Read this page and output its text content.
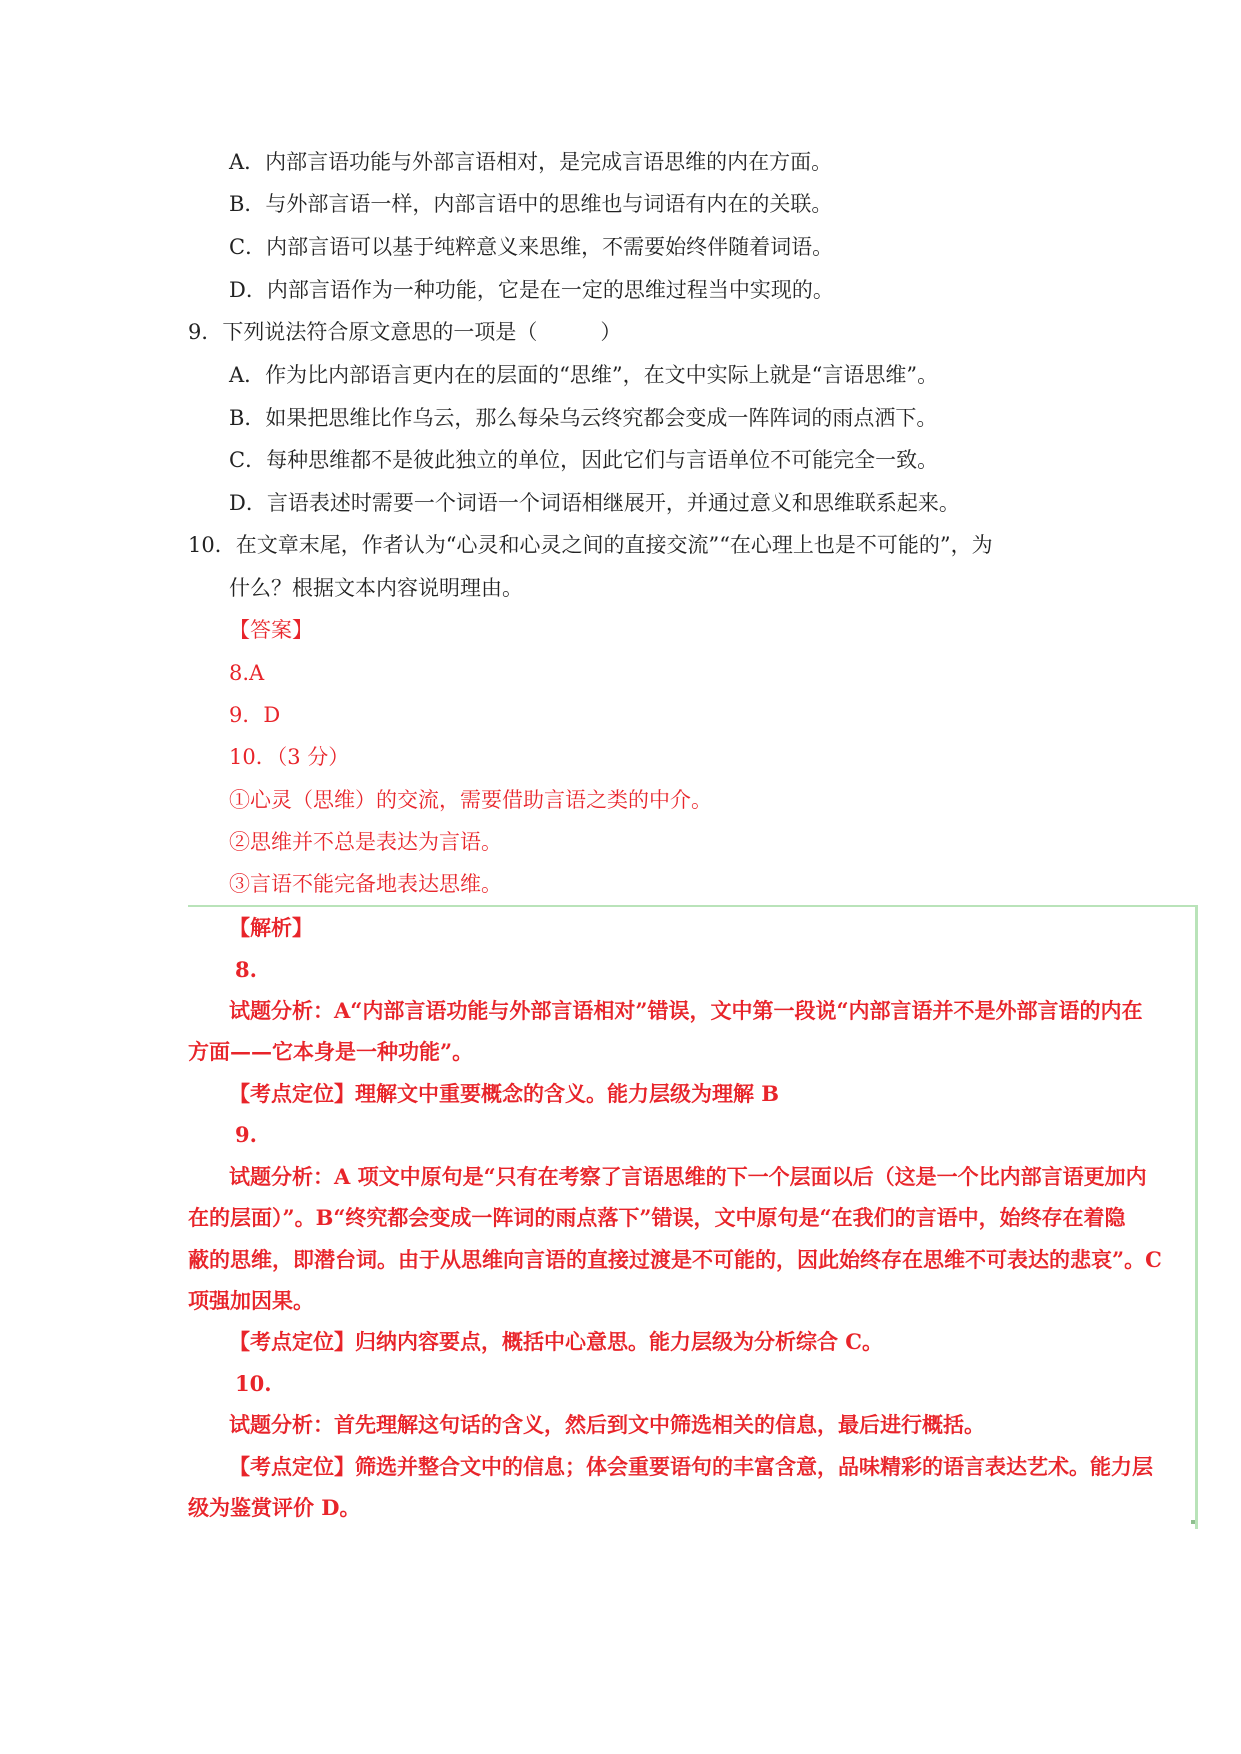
A．内部言语功能与外部言语相对，是完成言语思维的内在方面。
B．与外部言语一样，内部言语中的思维也与词语有内在的关联。
C．内部言语可以基于纯粹意义来思维，不需要始终伴随着词语。
D．内部言语作为一种功能，它是在一定的思维过程当中实现的。
9．下列说法符合原文意思的一项是（　　　）
A．作为比内部语言更内在的层面的“思维”，在文中实际上就是“言语思维”。
B．如果把思维比作乌云，那么每朵乌云终究都会变成一阵阵词的雨点洒下。
C．每种思维都不是彼此独立的单位，因此它们与言语单位不可能完全一致。
D．言语表述时需要一个词语一个词语相继展开，并通过意义和思维联系起来。
10．在文章末尾，作者认为“心灵和心灵之间的直接交流”“在心理上也是不可能的”，为
什么？根据文本内容说明理由。
【答案】
8.A
9．D
10．（3 分）
①心灵（思维）的交流，需要借助言语之类的中介。
②思维并不总是表达为言语。
③言语不能完备地表达思维。
【解析】
8.
试题分析：A“内部言语功能与外部言语相对”错误，文中第一段说“内部言语并不是外部言语的内在
方面——它本身是一种功能”。
【考点定位】理解文中重要概念的含义。能力层级为理解 B
9.
试题分析：A 项文中原句是“只有在考察了言语思维的下一个层面以后（这是一个比内部言语更加内
在的层面）”。B“终究都会变成一阵词的雨点落下”错误，文中原句是“在我们的言语中，始终存在着隐
蔽的思维，即潜台词。由于从思维向言语的直接过渡是不可能的，因此始终存在思维不可表达的悲哀”。C
项强加因果。
【考点定位】归纳内容要点，概括中心意思。能力层级为分析综合 C。
10.
试题分析：首先理解这句话的含义，然后到文中筛选相关的信息，最后进行概括。
【考点定位】筛选并整合文中的信息；体会重要语句的丰富含意，品味精彩的语言表达艺术。能力层
级为鉴赏评价 D。
